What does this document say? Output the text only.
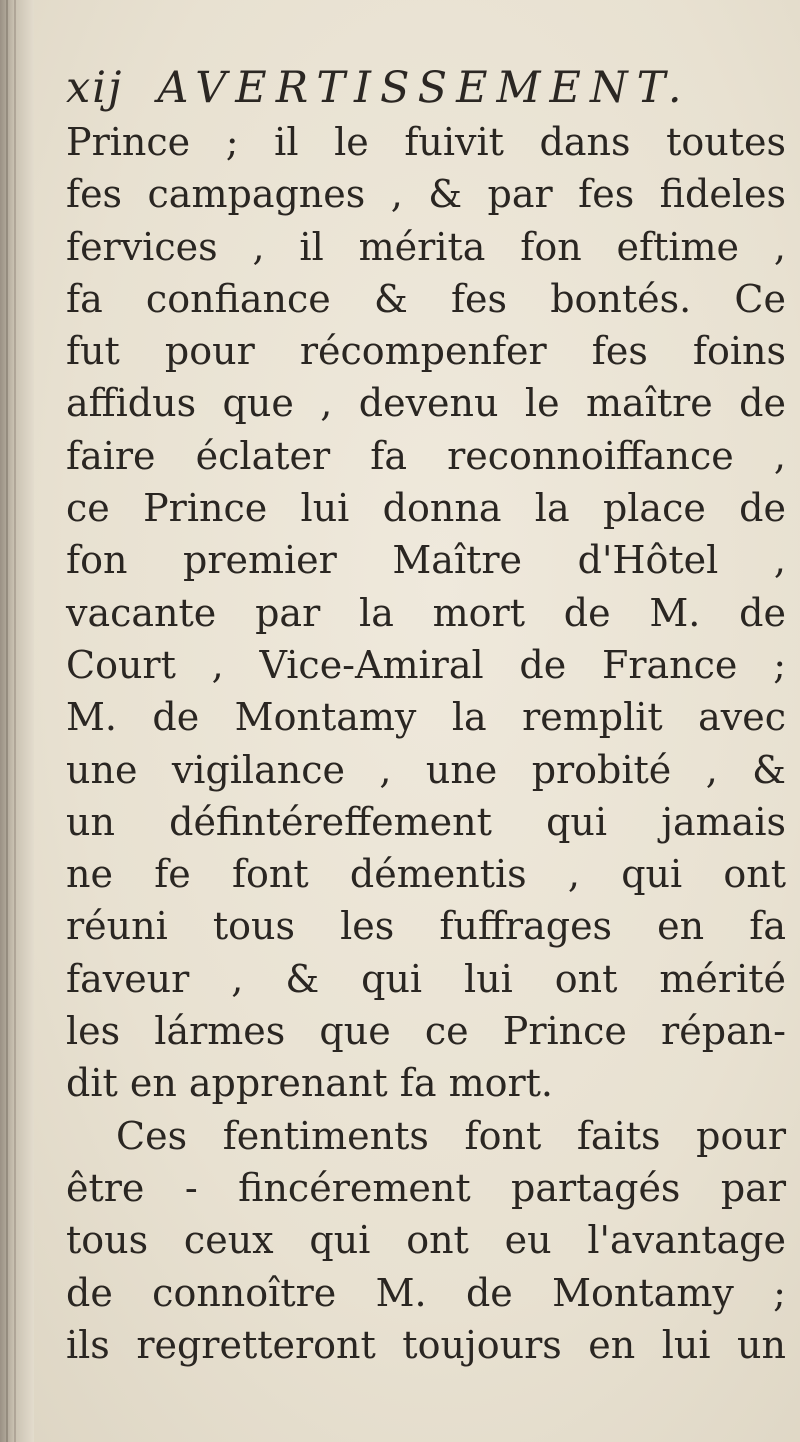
xij AVERTISSEMENT.
Prince ; il le fuivit dans toutes
fes campagnes , & par fes fideles
fervices , il mérita fon eftime ,
fa confiance & fes bontés. Ce
fut pour récompenfer fes foins
affidus que , devenu le maître de
faire éclater fa reconnoiffance ,
ce Prince lui donna la place de
fon premier Maître d'Hôtel ,
vacante par la mort de M. de
Court , Vice-Amiral de France ;
M. de Montamy la remplit avec
une vigilance , une probité , &
un défintéreffement qui jamais
ne fe font démentis , qui ont
réuni tous les fuffrages en fa
faveur , & qui lui ont mérité
les lármes que ce Prince répan-
dit en apprenant fa mort.
Ces fentiments font faits pour
être - fincérement partagés par
tous ceux qui ont eu l'avantage
de connoître M. de Montamy ;
ils regretteront toujours en lui un
